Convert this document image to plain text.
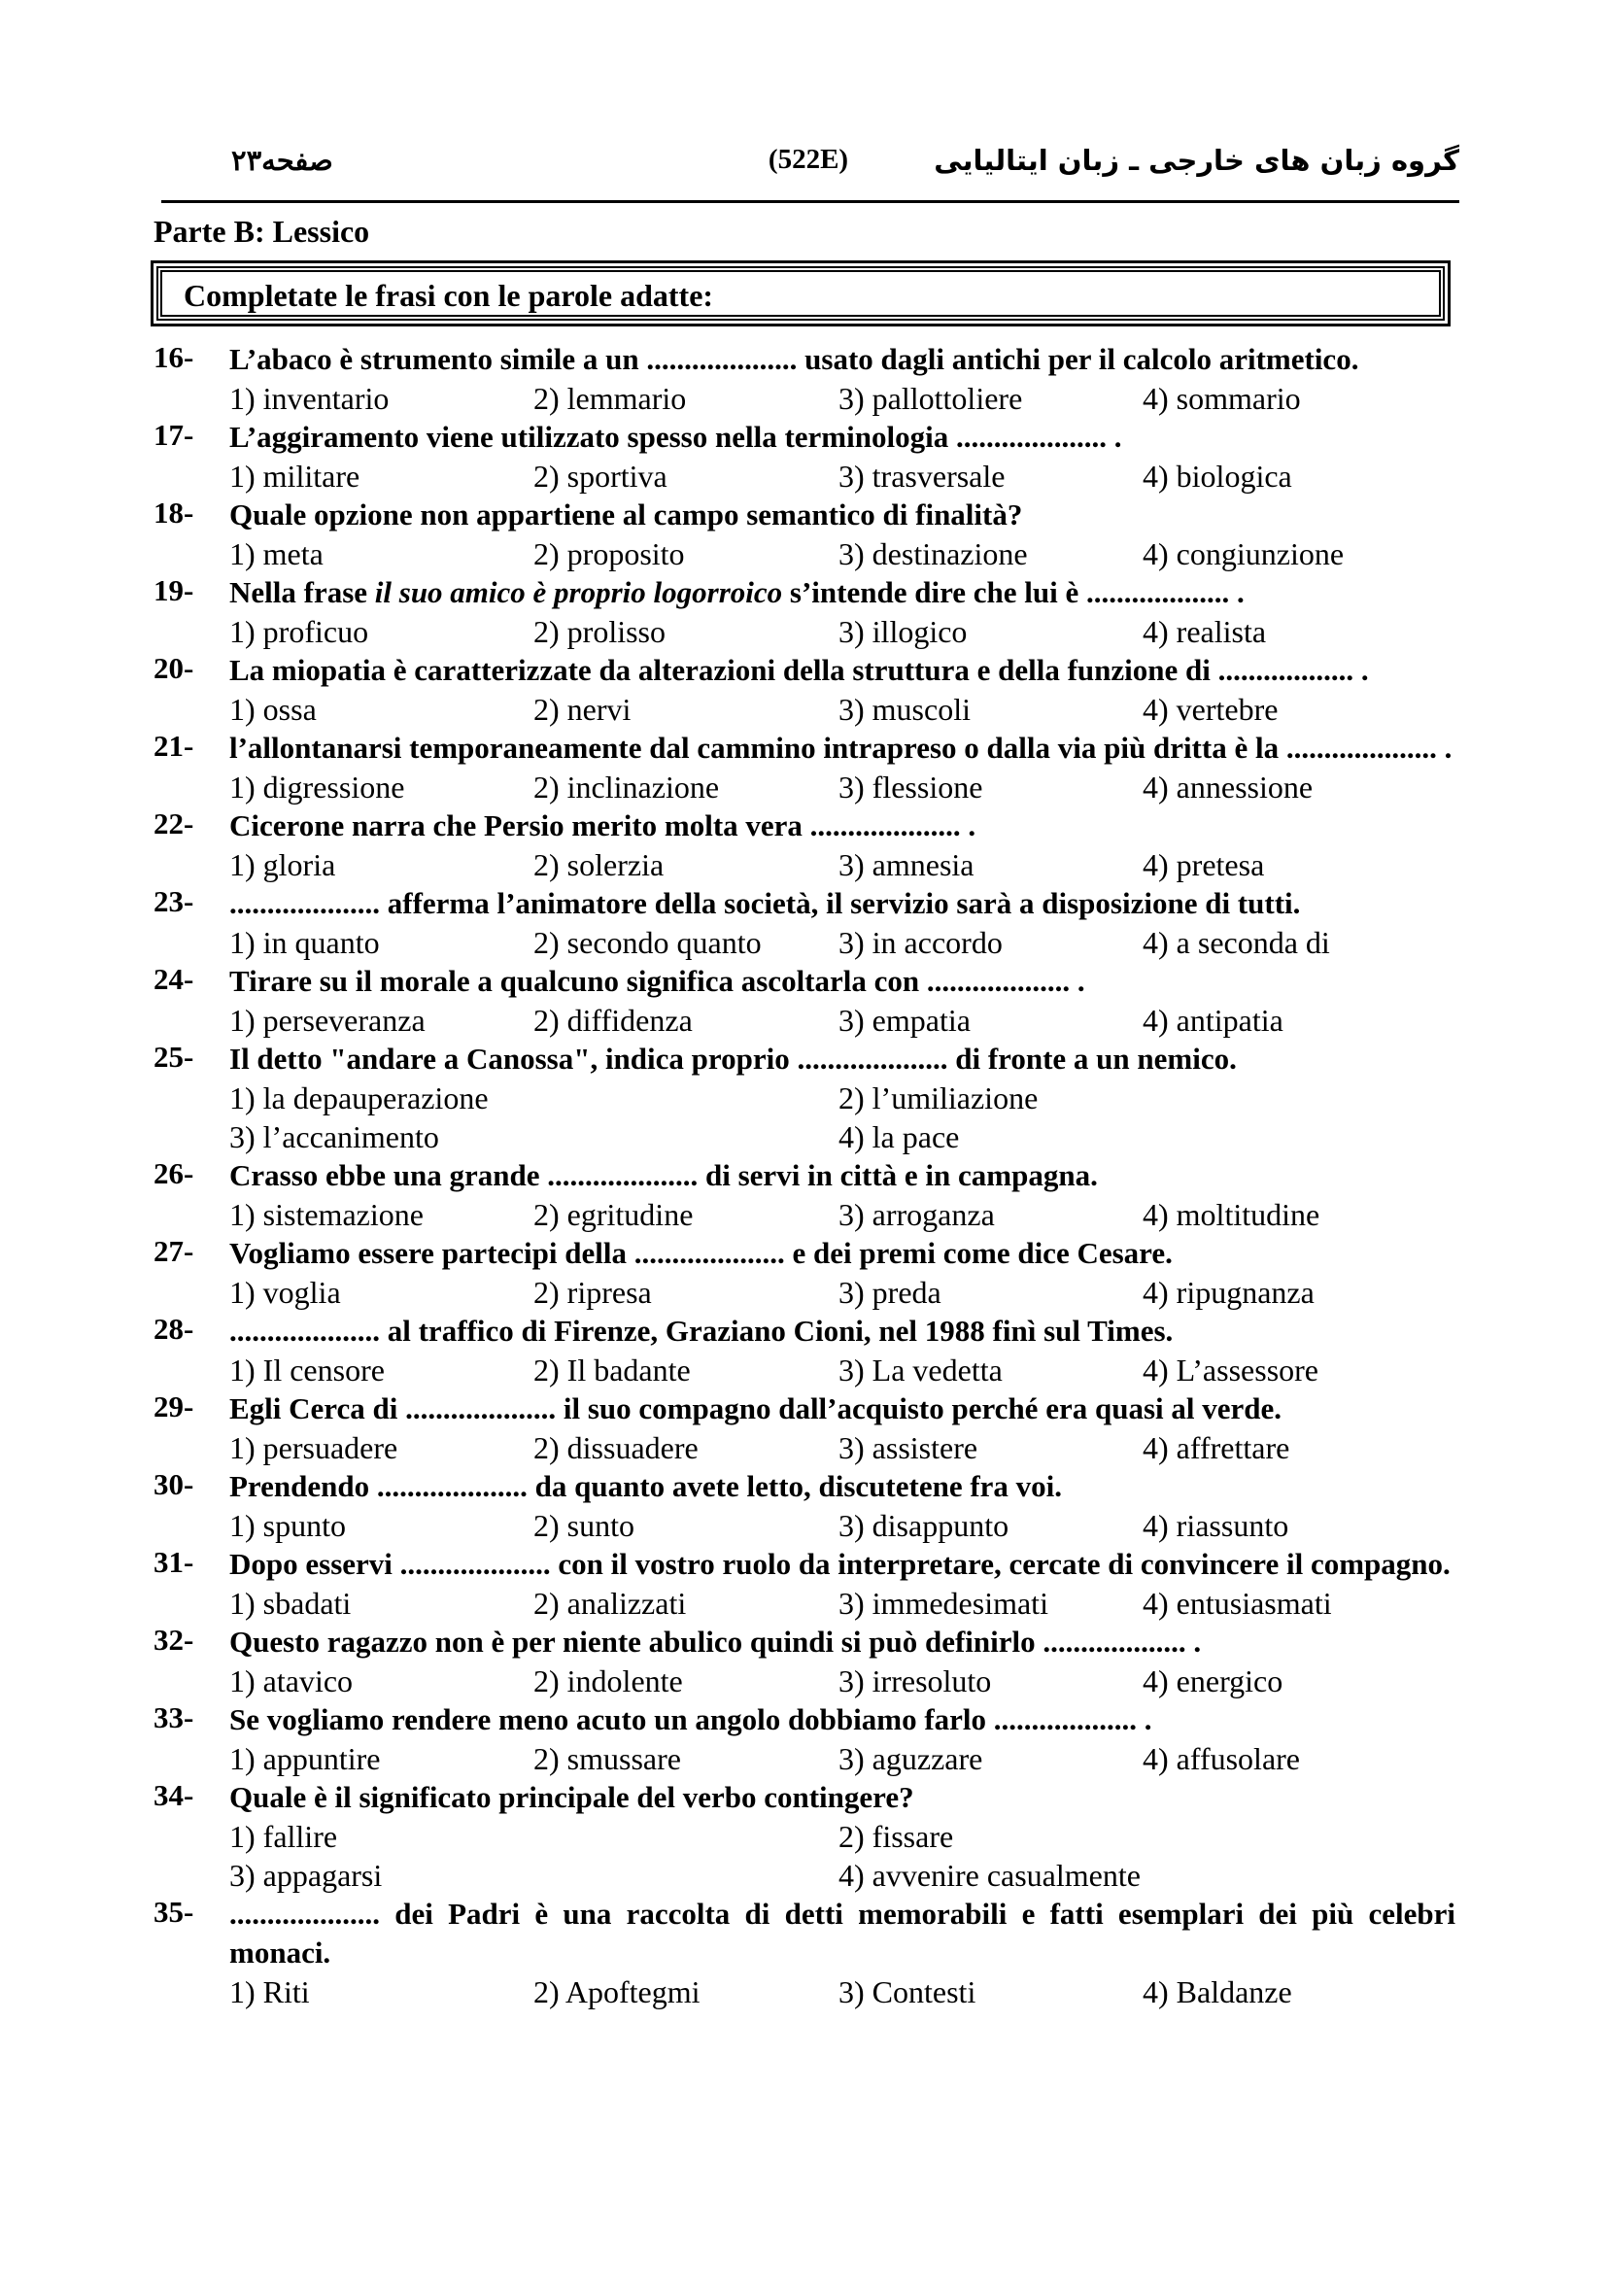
صفحه۲۳	(522E)	گروه زبان های خارجی ـ زبان ایتالیایی
Parte B: Lessico
Completate le frasi con le parole adatte:
16- L’abaco è strumento simile a un .................... usato dagli antichi per il calcolo aritmetico.
1) inventario	2) lemmario	3) pallottoliere	4) sommario
17- L’aggiramento viene utilizzato spesso nella terminologia .................... .
1) militare	2) sportiva	3) trasversale	4) biologica
18- Quale opzione non appartiene al campo semantico di finalità?
1) meta	2) proposito	3) destinazione	4) congiunzione
19- Nella frase il suo amico è proprio logorroico s’intende dire che lui è ................... .
1) proficuo	2) prolisso	3) illogico	4) realista
20- La miopatia è caratterizzate da alterazioni della struttura e della funzione di .................. .
1) ossa	2) nervi	3) muscoli	4) vertebre
21- l’allontanarsi temporaneamente dal cammino intrapreso o dalla via più dritta è la .................... .
1) digressione	2) inclinazione	3) flessione	4) annessione
22- Cicerone narra che Persio merito molta vera .................... .
1) gloria	2) solerzia	3) amnesia	4) pretesa
23- .................... afferma l’animatore della società, il servizio sarà a disposizione di tutti.
1) in quanto	2) secondo quanto 3) in accordo	4) a seconda di
24- Tirare su il morale a qualcuno significa ascoltarla con ................... .
1) perseveranza	2) diffidenza	3) empatia	4) antipatia
25- Il detto "andare a Canossa", indica proprio .................... di fronte a un nemico.
1) la depauperazione	2) l’umiliazione
3) l’accanimento	4) la pace
26- Crasso ebbe una grande .................... di servi in città e in campagna.
1) sistemazione	2) egritudine	3) arroganza	4) moltitudine
27- Vogliamo essere partecipi della .................... e dei premi come dice Cesare.
1) voglia	2) ripresa	3) preda	4) ripugnanza
28- .................... al traffico di Firenze, Graziano Cioni, nel 1988 finì sul Times.
1) Il censore	2) Il badante	3) La vedetta	4) L’assessore
29- Egli Cerca di .................... il suo compagno dall’acquisto perché era quasi al verde.
1) persuadere	2) dissuadere	3) assistere	4) affrettare
30- Prendendo .................... da quanto avete letto, discutetene fra voi.
1) spunto	2) sunto	3) disappunto	4) riassunto
31- Dopo esservi .................... con il vostro ruolo da interpretare, cercate di convincere il compagno.
1) sbadati	2) analizzati	3) immedesimati	4) entusiasmati
32- Questo ragazzo non è per niente abulico quindi si può definirlo ................... .
1) atavico	2) indolente	3) irresoluto	4) energico
33- Se vogliamo rendere meno acuto un angolo dobbiamo farlo ................... .
1) appuntire	2) smussare	3) aguzzare	4) affusolare
34- Quale è il significato principale del verbo contingere?
1) fallire	2) fissare
3) appagarsi	4) avvenire casualmente
35- .................... dei Padri è una raccolta di detti memorabili e fatti esemplari dei più celebri monaci.
1) Riti	2) Apoftegmi	3) Contesti	4) Baldanze
